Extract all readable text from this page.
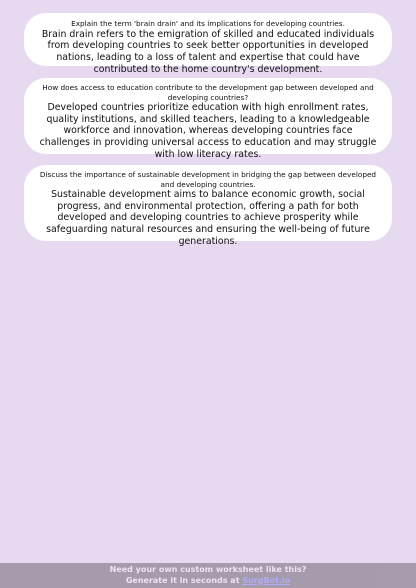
Explain the term 'brain drain' and its implications for developing countries.

Brain drain refers to the emigration of skilled and educated individuals from developing countries to seek better opportunities in developed nations, leading to a loss of talent and expertise that could have contributed to the home country's development.

How does access to education contribute to the development gap between developed and developing countries?

Developed countries prioritize education with high enrollment rates, quality institutions, and skilled teachers, leading to a knowledgeable workforce and innovation, whereas developing countries face challenges in providing universal access to education and may struggle with low literacy rates.

Discuss the importance of sustainable development in bridging the gap between developed and developing countries.

Sustainable development aims to balance economic growth, social progress, and environmental protection, offering a path for both developed and developing countries to achieve prosperity while safeguarding natural resources and ensuring the well-being of future generations.

Need your own custom worksheet like this?
Generate it in seconds at SurgBot.io
